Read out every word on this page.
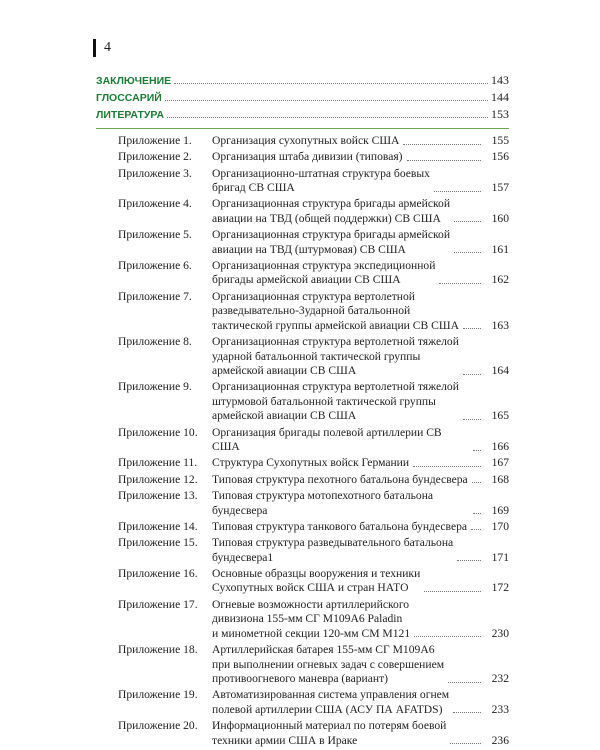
4
ЗАКЛЮЧЕНИЕ	143
ГЛОССАРИЙ	144
ЛИТЕРАТУРА	153
Приложение 1.	Организация сухопутных войск США	155
Приложение 2.	Организация штаба дивизии (типовая)	156
Приложение 3.	Организационно-штатная структура боевых
бригад СВ США	157
Приложение 4.	Организационная структура бригады армейской
авиации на ТВД (общей поддержки) СВ США	160
Приложение 5.	Организационная структура бригады армейской
авиации на ТВД (штурмовая) СВ США	161
Приложение 6.	Организационная структура экспедиционной
бригады армейской авиации СВ США	162
Приложение 7.	Организационная структура вертолетной
разведывательно-3ударной батальонной
тактической группы армейской авиации СВ США	163
Приложение 8.	Организационная структура вертолетной тяжелой
ударной батальонной тактической группы
армейской авиации СВ США	164
Приложение 9.	Организационная структура вертолетной тяжелой
штурмовой батальонной тактической группы
армейской авиации СВ США	165
Приложение 10.	Организация бригады полевой артиллерии СВ США	166
Приложение 11.	Структура Сухопутных войск Германии	167
Приложение 12.	Типовая структура пехотного батальона бундесвера	168
Приложение 13.	Типовая структура мотопехотного батальона бундесвера	169
Приложение 14.	Типовая структура танкового батальона бундесвера	170
Приложение 15.	Типовая структура разведывательного батальона
бундесвера1	171
Приложение 16.	Основные образцы вооружения и техники
Сухопутных войск США и стран НАТО	172
Приложение 17.	Огневые возможности артиллерийского
дивизиона 155-мм СГ М109А6 Paladin
и минометной секции 120-мм СМ М121	230
Приложение 18.	Артиллерийская батарея 155-мм СГ М109А6
при выполнении огневых задач с совершением
противоогневого маневра (вариант)	232
Приложение 19.	Автоматизированная система управления огнем
полевой артиллерии США (АСУ ПА AFATDS)	233
Приложение 20.	Информационный материал по потерям боевой
техники армии США в Ираке	236
